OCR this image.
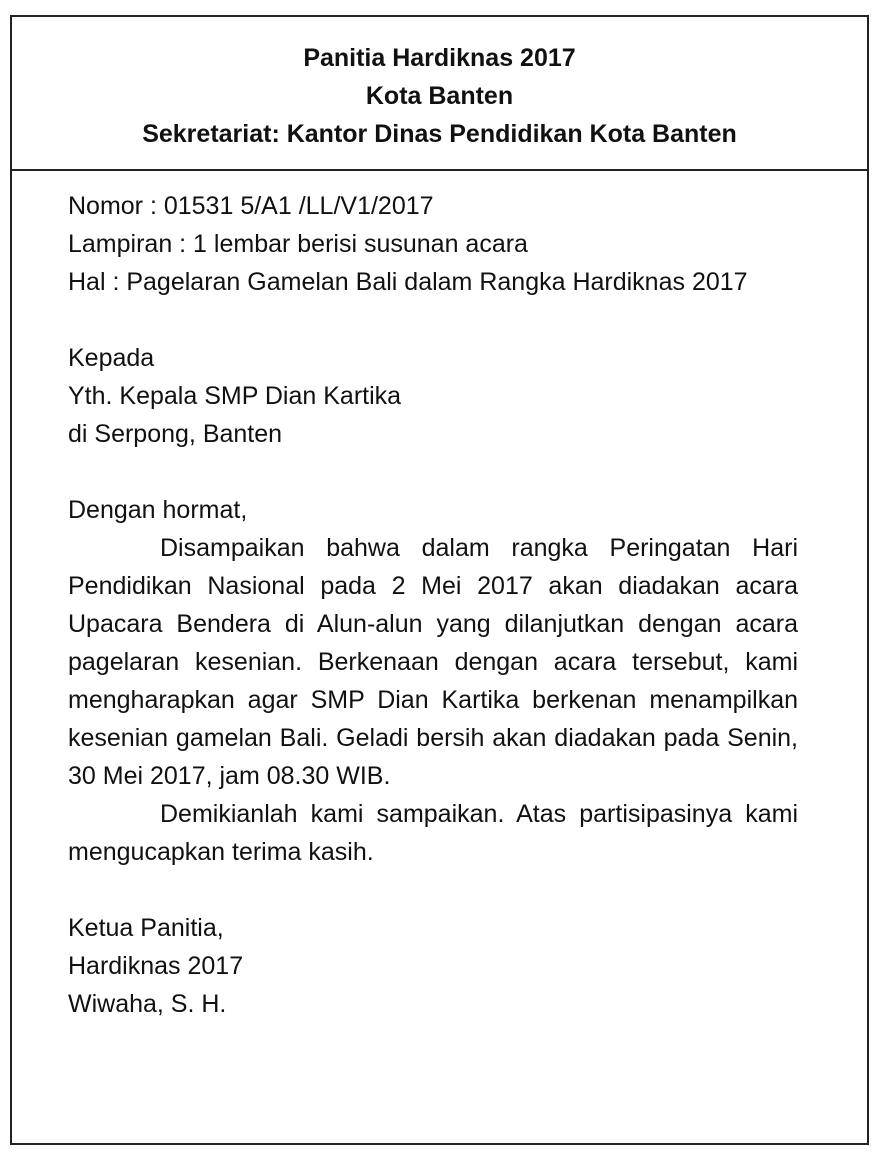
Panitia Hardiknas 2017
Kota Banten
Sekretariat: Kantor Dinas Pendidikan Kota Banten
Nomor : 01531 5/A1 /LL/V1/2017
Lampiran : 1 lembar berisi susunan acara
Hal : Pagelaran Gamelan Bali dalam Rangka Hardiknas 2017
Kepada
Yth. Kepala SMP Dian Kartika
di Serpong, Banten
Dengan hormat,
Disampaikan bahwa dalam rangka Peringatan Hari Pendidikan Nasional pada 2 Mei 2017 akan diadakan acara Upacara Bendera di Alun-alun yang dilanjutkan dengan acara pagelaran kesenian. Berkenaan dengan acara tersebut, kami mengharapkan agar SMP Dian Kartika berkenan menampilkan kesenian gamelan Bali. Geladi bersih akan diadakan pada Senin, 30 Mei 2017, jam 08.30 WIB.
Demikianlah kami sampaikan. Atas partisipasinya kami mengucapkan terima kasih.
Ketua Panitia,
Hardiknas 2017
Wiwaha, S. H.
